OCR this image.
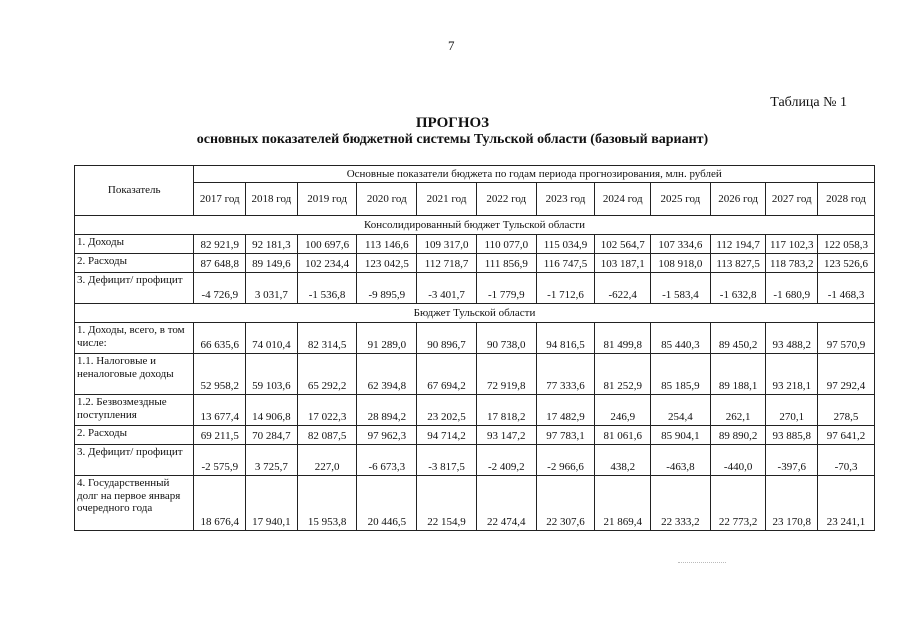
7
Таблица № 1
ПРОГНОЗ
основных показателей бюджетной системы Тульской области (базовый вариант)
Показатель	Основные показатели бюджета по годам периода прогнозирования, млн. рублей											
	2017 год	2018 год	2019 год	2020 год	2021 год	2022 год	2023 год	2024 год	2025 год	2026 год	2027 год	2028 год
Консолидированный бюджет Тульской области												
1. Доходы	82 921,9	92 181,3	100 697,6	113 146,6	109 317,0	110 077,0	115 034,9	102 564,7	107 334,6	112 194,7	117 102,3	122 058,3
2. Расходы	87 648,8	89 149,6	102 234,4	123 042,5	112 718,7	111 856,9	116 747,5	103 187,1	108 918,0	113 827,5	118 783,2	123 526,6
3. Дефицит/ профицит	-4 726,9	3 031,7	-1 536,8	-9 895,9	-3 401,7	-1 779,9	-1 712,6	-622,4	-1 583,4	-1 632,8	-1 680,9	-1 468,3
Бюджет Тульской области												
1. Доходы, всего, в том числе:	66 635,6	74 010,4	82 314,5	91 289,0	90 896,7	90 738,0	94 816,5	81 499,8	85 440,3	89 450,2	93 488,2	97 570,9
1.1. Налоговые и неналоговые доходы	52 958,2	59 103,6	65 292,2	62 394,8	67 694,2	72 919,8	77 333,6	81 252,9	85 185,9	89 188,1	93 218,1	97 292,4
1.2. Безвозмездные поступления	13 677,4	14 906,8	17 022,3	28 894,2	23 202,5	17 818,2	17 482,9	246,9	254,4	262,1	270,1	278,5
2. Расходы	69 211,5	70 284,7	82 087,5	97 962,3	94 714,2	93 147,2	97 783,1	81 061,6	85 904,1	89 890,2	93 885,8	97 641,2
3. Дефицит/ профицит	-2 575,9	3 725,7	227,0	-6 673,3	-3 817,5	-2 409,2	-2 966,6	438,2	-463,8	-440,0	-397,6	-70,3
4. Государственный долг на первое января очередного года	18 676,4	17 940,1	15 953,8	20 446,5	22 154,9	22 474,4	22 307,6	21 869,4	22 333,2	22 773,2	23 170,8	23 241,1
